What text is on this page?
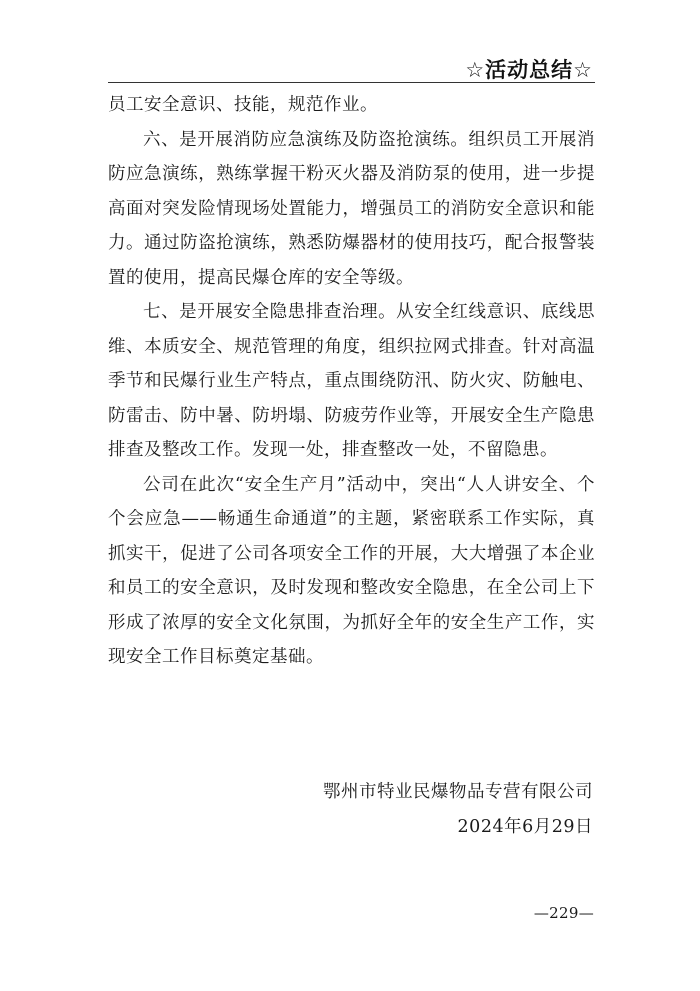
☆活动总结☆

员工安全意识、技能，规范作业。

六、是开展消防应急演练及防盗抢演练。组织员工开展消防应急演练，熟练掌握干粉灭火器及消防泵的使用，进一步提高面对突发险情现场处置能力，增强员工的消防安全意识和能力。通过防盗抢演练，熟悉防爆器材的使用技巧，配合报警装置的使用，提高民爆仓库的安全等级。

七、是开展安全隐患排查治理。从安全红线意识、底线思维、本质安全、规范管理的角度，组织拉网式排查。针对高温季节和民爆行业生产特点，重点围绕防汛、防火灾、防触电、防雷击、防中暑、防坍塌、防疲劳作业等，开展安全生产隐患排查及整改工作。发现一处，排查整改一处，不留隐患。

公司在此次“安全生产月”活动中，突出“人人讲安全、个个会应急——畅通生命通道”的主题，紧密联系工作实际，真抓实干，促进了公司各项安全工作的开展，大大增强了本企业和员工的安全意识，及时发现和整改安全隐患，在全公司上下形成了浓厚的安全文化氛围，为抓好全年的安全生产工作，实现安全工作目标奠定基础。

鄂州市特业民爆物品专营有限公司
2024年6月29日
—229—
